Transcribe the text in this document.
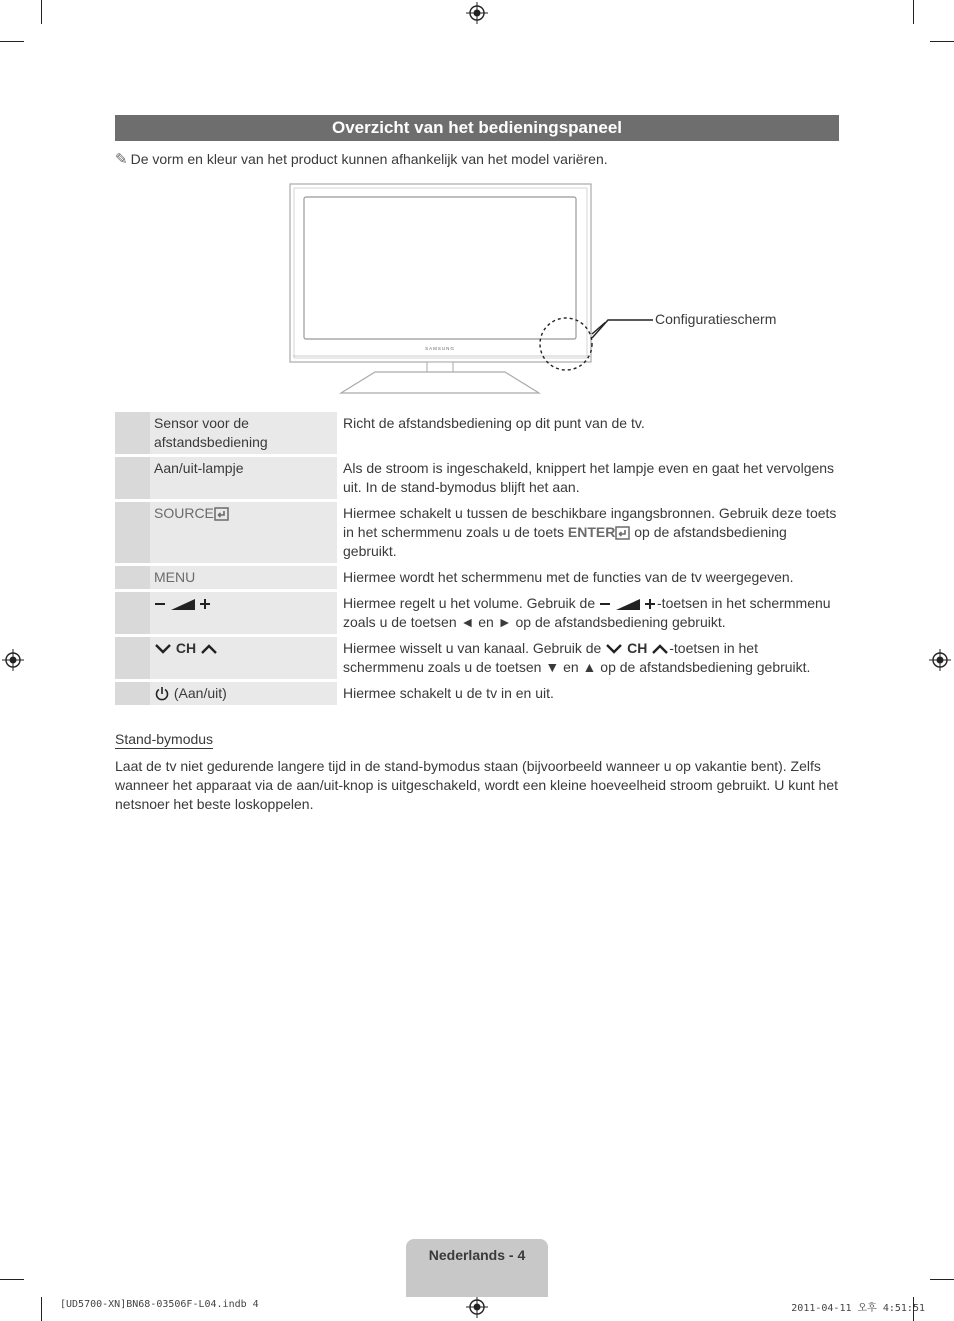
Overzicht van het bedieningspaneel
✎ De vorm en kleur van het product kunnen afhankelijk van het model variëren.
SAMSUNG
Configuratiescherm
	Sensor voor de afstandsbediening	Richt de afstandsbediening op dit punt van de tv.
	Aan/uit-lampje	Als de stroom is ingeschakeld, knippert het lampje even en gaat het vervolgens uit. In de stand-bymodus blijft het aan.
	SOURCE	Hiermee schakelt u tussen de beschikbare ingangsbronnen. Gebruik deze toets in het schermmenu zoals u de toets ENTER op de afstandsbediening gebruikt.
	MENU	Hiermee wordt het schermmenu met de functies van de tv weergegeven.
		Hiermee regelt u het volume. Gebruik de -toetsen in het schermmenu zoals u de toetsen ◄ en ► op de afstandsbediening gebruikt.
	CH	Hiermee wisselt u van kanaal. Gebruik de CH -toetsen in het schermmenu zoals u de toetsen ▼ en ▲ op de afstandsbediening gebruikt.
	(Aan/uit)	Hiermee schakelt u de tv in en uit.
Stand-bymodus
Laat de tv niet gedurende langere tijd in de stand-bymodus staan (bijvoorbeeld wanneer u op vakantie bent). Zelfs wanneer het apparaat via de aan/uit-knop is uitgeschakeld, wordt een kleine hoeveelheid stroom gebruikt. U kunt het netsnoer het beste loskoppelen.
Nederlands - 4
[UD5700-XN]BN68-03506F-L04.indb 4	2011-04-11 오후 4:51:51
